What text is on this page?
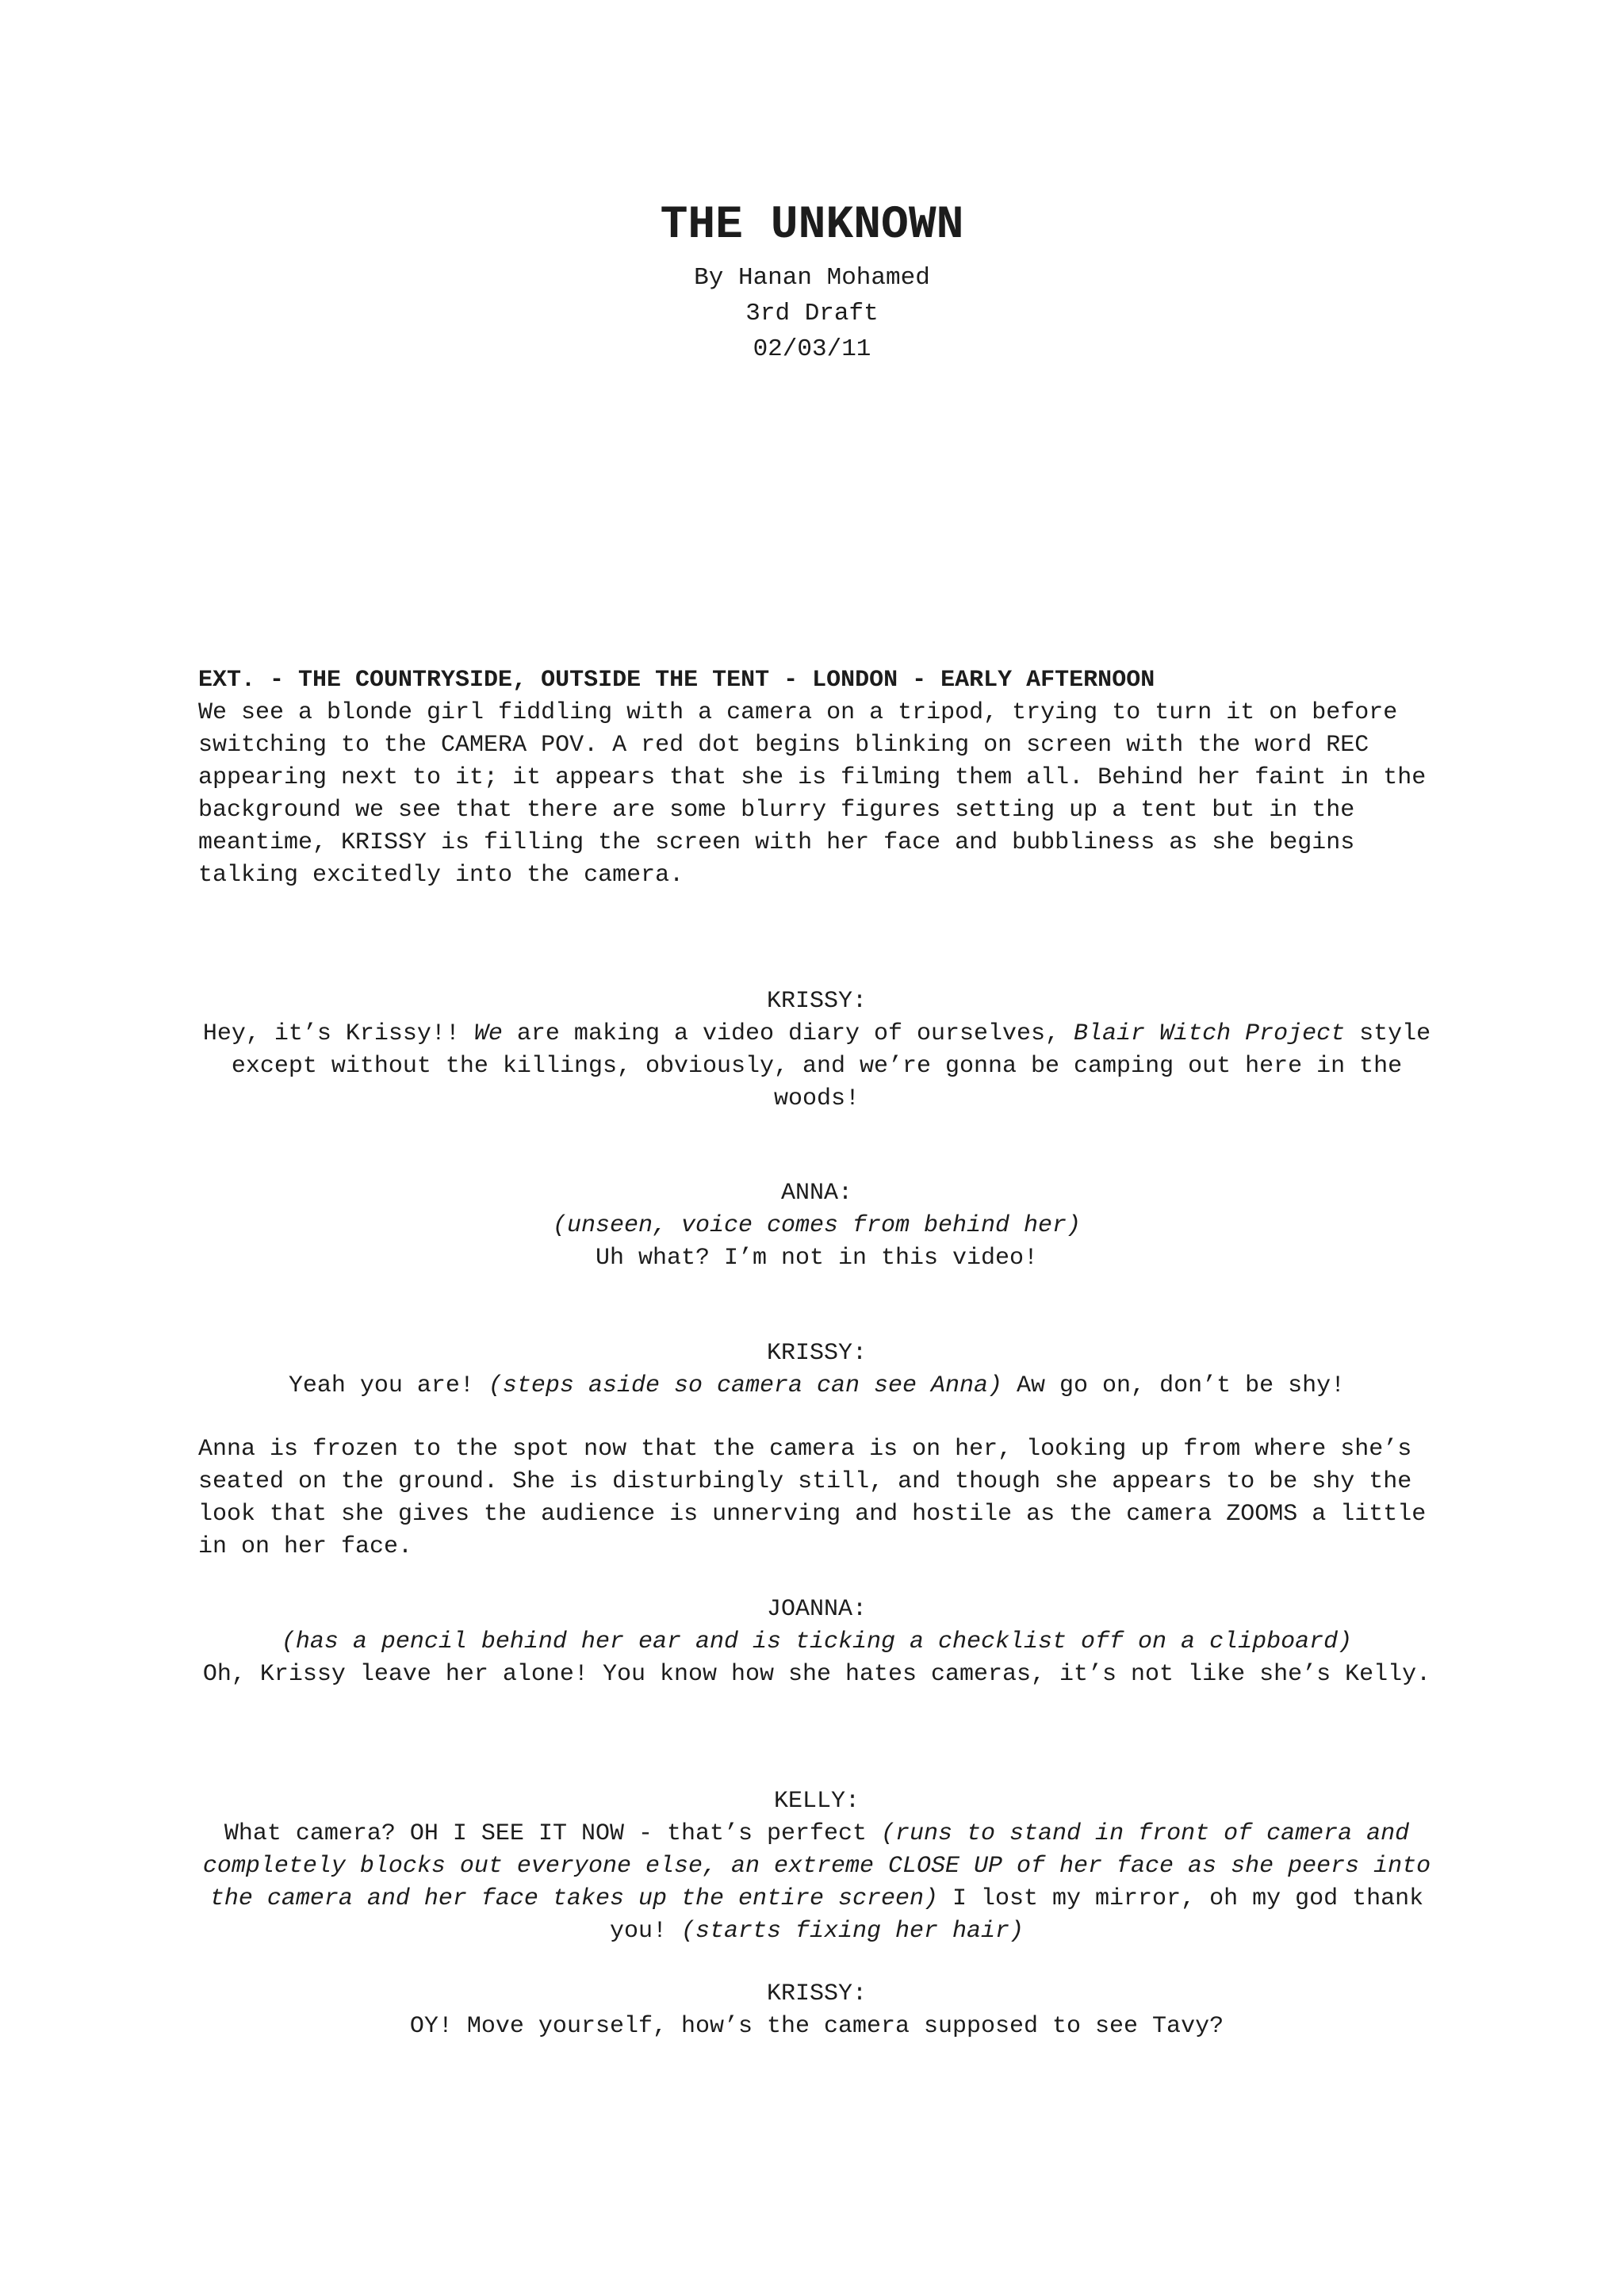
THE UNKNOWN
By Hanan Mohamed
3rd Draft
02/03/11
EXT. - THE COUNTRYSIDE, OUTSIDE THE TENT - LONDON - EARLY AFTERNOON
We see a blonde girl fiddling with a camera on a tripod, trying to turn it on before switching to the CAMERA POV. A red dot begins blinking on screen with the word REC appearing next to it; it appears that she is filming them all. Behind her faint in the background we see that there are some blurry figures setting up a tent but in the meantime, KRISSY is filling the screen with her face and bubbliness as she begins talking excitedly into the camera.
KRISSY:
Hey, it’s Krissy!! We are making a video diary of ourselves, Blair Witch Project style except without the killings, obviously, and we’re gonna be camping out here in the woods!
ANNA:
(unseen, voice comes from behind her)
Uh what? I’m not in this video!
KRISSY:
Yeah you are! (steps aside so camera can see Anna) Aw go on, don’t be shy!
Anna is frozen to the spot now that the camera is on her, looking up from where she’s seated on the ground. She is disturbingly still, and though she appears to be shy the look that she gives the audience is unnerving and hostile as the camera ZOOMS a little in on her face.
JOANNA:
(has a pencil behind her ear and is ticking a checklist off on a clipboard)
Oh, Krissy leave her alone! You know how she hates cameras, it’s not like she’s Kelly.
KELLY:
What camera? OH I SEE IT NOW - that’s perfect (runs to stand in front of camera and completely blocks out everyone else, an extreme CLOSE UP of her face as she peers into the camera and her face takes up the entire screen) I lost my mirror, oh my god thank you! (starts fixing her hair)
KRISSY:
OY! Move yourself, how’s the camera supposed to see Tavy?
